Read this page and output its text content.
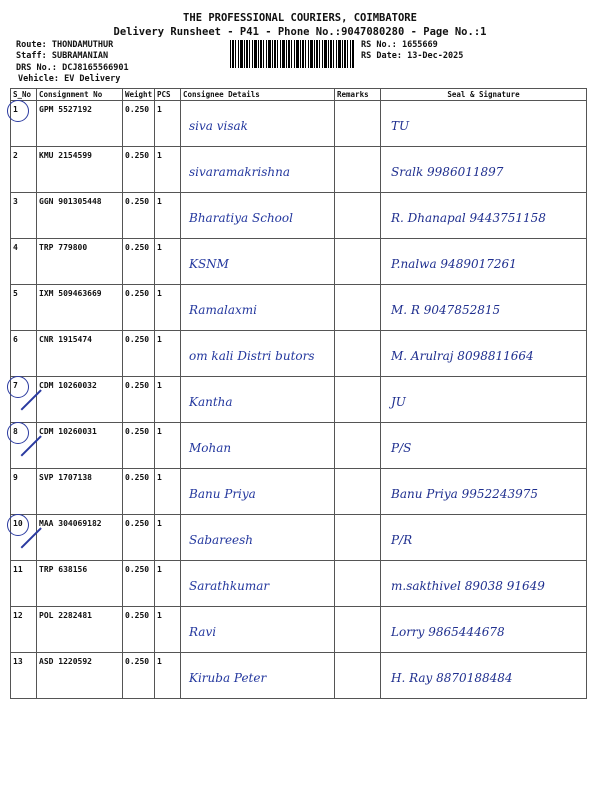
THE PROFESSIONAL COURIERS, COIMBATORE
Delivery Runsheet - P41 - Phone No.:9047080280 - Page No.:1
Route: THONDAMUTHUR
Staff: SUBRAMANIAN
DRS No.: DCJ8165566901
Vehicle: EV Delivery
RS No.: 1655669
RS Date: 13-Dec-2025
S_No	Consignment No	Weight	PCS	Consignee Details	Remarks	Seal & Signature
1	GPM 5527192	0.250	1	siva visak		TU
2	KMU 2154599	0.250	1	sivaramakrishna		Sralk 9986011897
3	GGN 901305448	0.250	1	Bharatiya School		R. Dhanapal 9443751158
4	TRP 779800	0.250	1	KSNM		P.nalwa 9489017261
5	IXM 509463669	0.250	1	Ramalaxmi		M. R 9047852815
6	CNR 1915474	0.250	1	om kali Distri butors		M. Arulraj 8098811664
7	CDM 10260032	0.250	1	Kantha		JU
8	CDM 10260031	0.250	1	Mohan		P/S
9	SVP 1707138	0.250	1	Banu Priya		Banu Priya 9952243975
10	MAA 304069182	0.250	1	Sabareesh		P/R
11	TRP 638156	0.250	1	Sarathkumar		m.sakthivel 89038 91649
12	POL 2282481	0.250	1	Ravi		Lorry 9865444678
13	ASD 1220592	0.250	1	Kiruba Peter		H. Ray 8870188484
